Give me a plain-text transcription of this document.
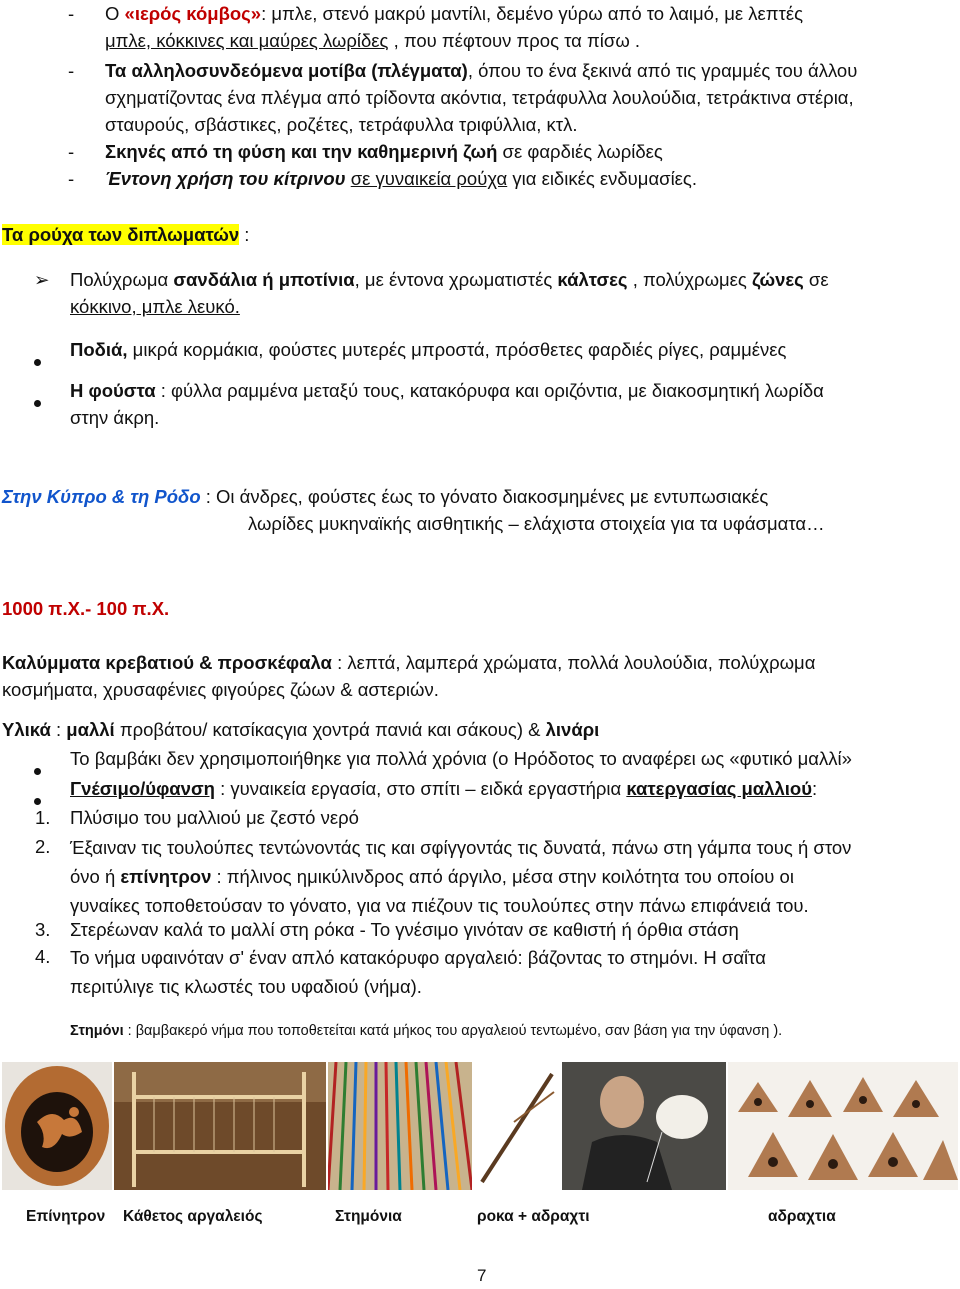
- Ο «ιερός κόμβος»: μπλε, στενό μακρύ μαντίλι, δεμένο γύρω από το λαιμό, με λεπτές
μπλε, κόκκινες και μαύρες λωρίδες , που πέφτουν προς τα πίσω .
- Τα αλληλοσυνδεόμενα μοτίβα (πλέγματα), όπου το ένα ξεκινά από τις γραμμές του άλλου
σχηματίζοντας ένα πλέγμα από τρίδοντα ακόντια, τετράφυλλα λουλούδια, τετράκτινα στέρια,
σταυρούς, σβάστικες, ροζέτες, τετράφυλλα τριφύλλια, κτλ.
- Σκηνές από τη φύση και την καθημερινή ζωή σε φαρδιές λωρίδες
- Έντονη χρήση του κίτρινου σε γυναικεία ρούχα για ειδικές ενδυμασίες.
Τα ρούχα των διπλωματών :
➢ Πολύχρωμα σανδάλια ή μποτίνια, με έντονα χρωματιστές κάλτσες , πολύχρωμες ζώνες σε
κόκκινο, μπλε λευκό.
Ποδιά, μικρά κορμάκια, φούστες μυτερές μπροστά, πρόσθετες φαρδιές ρίγες, ραμμένες
Η φούστα : φύλλα ραμμένα μεταξύ τους, κατακόρυφα και οριζόντια, με διακοσμητική λωρίδα
στην άκρη.
Στην Κύπρο & τη Ρόδο : Οι άνδρες, φούστες έως το γόνατο διακοσμημένες με εντυπωσιακές
λωρίδες μυκηναϊκής αισθητικής – ελάχιστα στοιχεία για τα υφάσματα…
1000 π.Χ.- 100 π.Χ.
Καλύμματα κρεβατιού & προσκέφαλα : λεπτά, λαμπερά χρώματα, πολλά λουλούδια, πολύχρωμα
κοσμήματα, χρυσαφένιες φιγούρες ζώων & αστεριών.
Υλικά : μαλλί προβάτου/ κατσίκαςγια χοντρά πανιά και σάκους) & λινάρι
Το βαμβάκι δεν χρησιμοποιήθηκε για πολλά χρόνια (ο Ηρόδοτος το αναφέρει ως «φυτικό μαλλί»
Γνέσιμο/ύφανση : γυναικεία εργασία, στο σπίτι – ειδκά εργαστήρια κατεργασίας μαλλιού:
1. Πλύσιμο του μαλλιού με ζεστό νερό
2. Έξαιναν τις τουλούπες τεντώνοντάς τις και σφίγγοντάς τις δυνατά, πάνω στη γάμπα τους ή στον
όνο ή επίνητρον : πήλινος ημικύλινδρος από άργιλο, μέσα στην κοιλότητα του οποίου οι
γυναίκες τοποθετούσαν το γόνατο, για να πιέζουν τις τουλούπες στην πάνω επιφάνειά του.
3. Στερέωναν καλά το μαλλί στη ρόκα - Το γνέσιμο γινόταν σε καθιστή ή όρθια στάση
4. Το νήμα υφαινόταν σ' έναν απλό κατακόρυφο αργαλειό: βάζοντας το στημόνι. Η σαΐτα
περιτύλιγε τις κλωστές του υφαδιού (νήμα).
Στημόνι : βαμβακερό νήμα που τοποθετείται κατά μήκος του αργαλειού τεντωμένο, σαν βάση για την ύφανση ).
Επίνητρον Κάθετος αργαλειός	Στημόνια	ροκα + αδραχτι	αδραχτια
7
